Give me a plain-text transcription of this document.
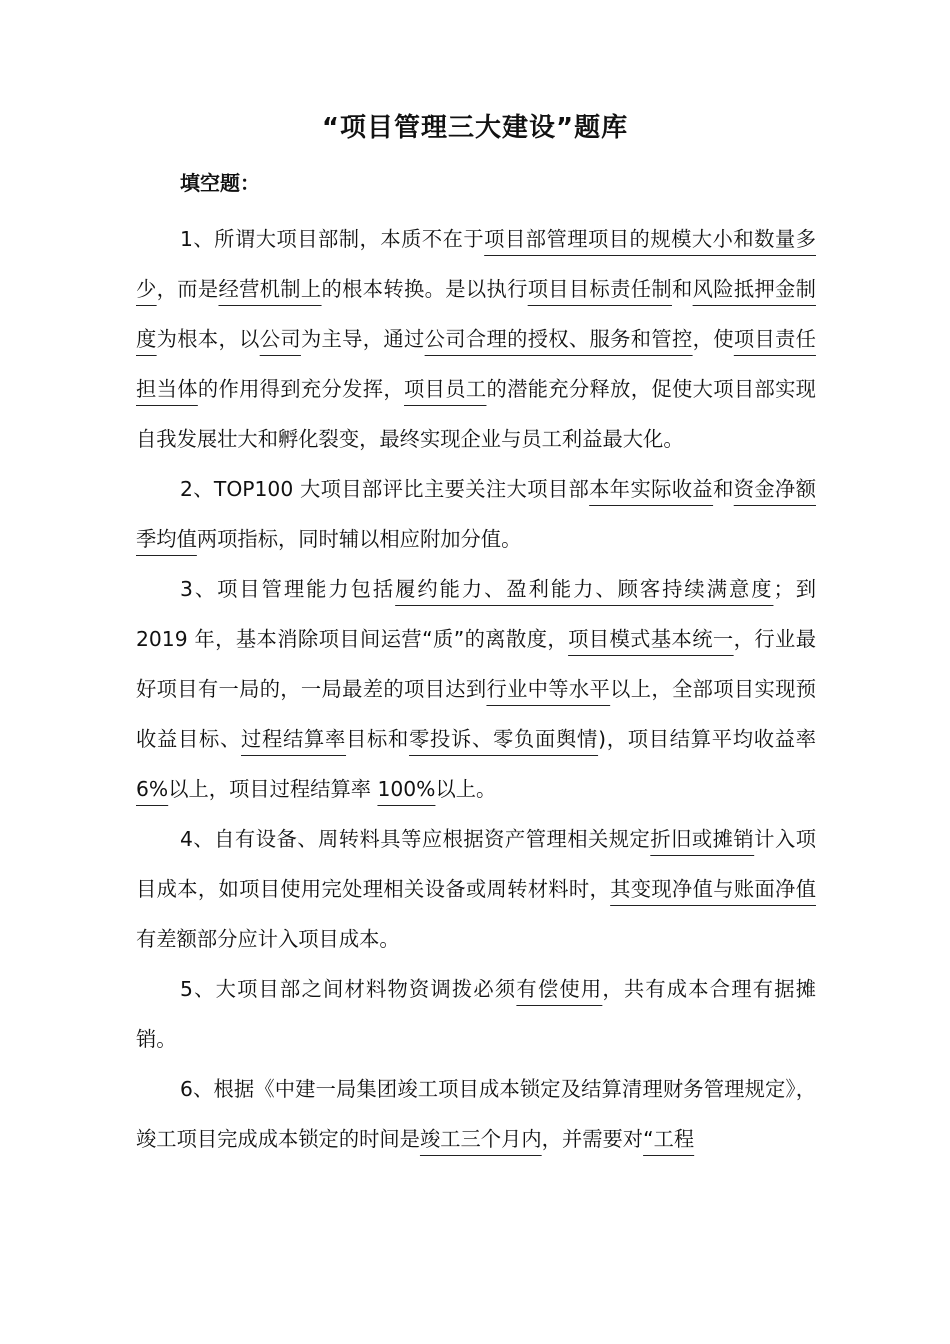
“项目管理三大建设”题库
填空题：

1、所谓大项目部制，本质不在于项目部管理项目的规模大小和数量多少，而是经营机制上的根本转换。是以执行项目目标责任制和风险抵押金制度为根本，以公司为主导，通过公司合理的授权、服务和管控，使项目责任担当体的作用得到充分发挥，项目员工的潜能充分释放，促使大项目部实现自我发展壮大和孵化裂变，最终实现企业与员工利益最大化。

2、TOP100 大项目部评比主要关注大项目部本年实际收益和资金净额季均值两项指标，同时辅以相应附加分值。

3、项目管理能力包括履约能力、盈利能力、顾客持续满意度；到 2019 年，基本消除项目间运营“质”的离散度，项目模式基本统一，行业最好项目有一局的，一局最差的项目达到行业中等水平以上，全部项目实现预收益目标、过程结算率目标和零投诉、零负面舆情)，项目结算平均收益率 6%以上，项目过程结算率 100%以上。

4、自有设备、周转料具等应根据资产管理相关规定折旧或摊销计入项目成本，如项目使用完处理相关设备或周转材料时，其变现净值与账面净值有差额部分应计入项目成本。

5、大项目部之间材料物资调拨必须有偿使用，共有成本合理有据摊销。

6、根据《中建一局集团竣工项目成本锁定及结算清理财务管理规定》，竣工项目完成成本锁定的时间是竣工三个月内，并需要对“工程
